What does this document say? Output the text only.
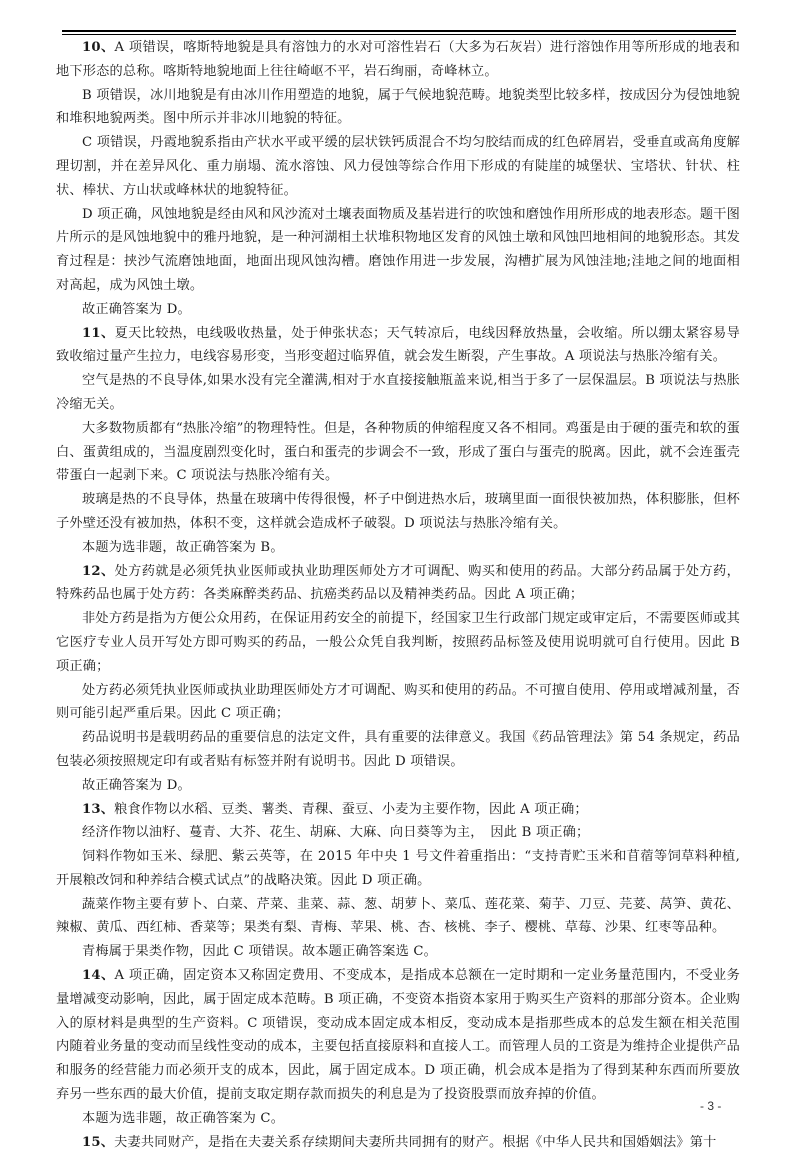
10、A 项错误，喀斯特地貌是具有溶蚀力的水对可溶性岩石（大多为石灰岩）进行溶蚀作用等所形成的地表和地下形态的总称。喀斯特地貌地面上往往崎岖不平，岩石绚丽，奇峰林立。

B 项错误，冰川地貌是有由冰川作用塑造的地貌，属于气候地貌范畴。地貌类型比较多样，按成因分为侵蚀地貌和堆积地貌两类。图中所示并非冰川地貌的特征。

C 项错误，丹霞地貌系指由产状水平或平缓的层状铁钙质混合不均匀胶结而成的红色碎屑岩，受垂直或高角度解理切割，并在差异风化、重力崩塌、流水溶蚀、风力侵蚀等综合作用下形成的有陡崖的城堡状、宝塔状、针状、柱状、棒状、方山状或峰林状的地貌特征。

D 项正确，风蚀地貌是经由风和风沙流对土壤表面物质及基岩进行的吹蚀和磨蚀作用所形成的地表形态。题干图片所示的是风蚀地貌中的雅丹地貌，是一种河湖相土状堆积物地区发育的风蚀土墩和风蚀凹地相间的地貌形态。其发育过程是：挟沙气流磨蚀地面，地面出现风蚀沟槽。磨蚀作用进一步发展，沟槽扩展为风蚀洼地;洼地之间的地面相对高起，成为风蚀土墩。

故正确答案为 D。

11、夏天比较热，电线吸收热量，处于伸张状态；天气转凉后，电线因释放热量，会收缩。所以绷太紧容易导致收缩过量产生拉力，电线容易形变，当形变超过临界值，就会发生断裂，产生事故。A 项说法与热胀冷缩有关。

空气是热的不良导体,如果水没有完全灌满,相对于水直接接触瓶盖来说,相当于多了一层保温层。B 项说法与热胀冷缩无关。

大多数物质都有“热胀冷缩”的物理特性。但是，各种物质的伸缩程度又各不相同。鸡蛋是由于硬的蛋壳和软的蛋白、蛋黄组成的，当温度剧烈变化时，蛋白和蛋壳的步调会不一致，形成了蛋白与蛋壳的脱离。因此，就不会连蛋壳带蛋白一起剥下来。C 项说法与热胀冷缩有关。

玻璃是热的不良导体，热量在玻璃中传得很慢，杯子中倒进热水后，玻璃里面一面很快被加热，体积膨胀，但杯子外壁还没有被加热，体积不变，这样就会造成杯子破裂。D 项说法与热胀冷缩有关。

本题为选非题，故正确答案为 B。

12、处方药就是必须凭执业医师或执业助理医师处方才可调配、购买和使用的药品。大部分药品属于处方药，特殊药品也属于处方药：各类麻醉类药品、抗癌类药品以及精神类药品。因此 A 项正确；

非处方药是指为方便公众用药，在保证用药安全的前提下，经国家卫生行政部门规定或审定后，不需要医师或其它医疗专业人员开写处方即可购买的药品，一般公众凭自我判断，按照药品标签及使用说明就可自行使用。因此 B 项正确；

处方药必须凭执业医师或执业助理医师处方才可调配、购买和使用的药品。不可擅自使用、停用或增减剂量，否则可能引起严重后果。因此 C 项正确；

药品说明书是载明药品的重要信息的法定文件，具有重要的法律意义。我国《药品管理法》第 54 条规定，药品包装必须按照规定印有或者贴有标签并附有说明书。因此 D 项错误。

故正确答案为 D。

13、粮食作物以水稻、豆类、薯类、青稞、蚕豆、小麦为主要作物，因此 A 项正确；

经济作物以油籽、蔓青、大芥、花生、胡麻、大麻、向日葵等为主，　因此 B 项正确；

饲料作物如玉米、绿肥、紫云英等，在 2015 年中央 1 号文件着重指出：“支持青贮玉米和苜蓿等饲草料种植,开展粮改饲和种养结合模式试点”的战略决策。因此 D 项正确。

蔬菜作物主要有萝卜、白菜、芹菜、韭菜、蒜、葱、胡萝卜、菜瓜、莲花菜、菊芋、刀豆、芫荽、莴笋、黄花、辣椒、黄瓜、西红柿、香菜等；果类有梨、青梅、苹果、桃、杏、核桃、李子、樱桃、草莓、沙果、红枣等品种。

青梅属于果类作物，因此 C 项错误。故本题正确答案选 C。

14、A 项正确，固定资本又称固定费用、不变成本，是指成本总额在一定时期和一定业务量范围内，不受业务量增减变动影响，因此，属于固定成本范畴。B 项正确，不变资本指资本家用于购买生产资料的那部分资本。企业购入的原材料是典型的生产资料。C 项错误，变动成本固定成本相反，变动成本是指那些成本的总发生额在相关范围内随着业务量的变动而呈线性变动的成本，主要包括直接原料和直接人工。而管理人员的工资是为维持企业提供产品和服务的经营能力而必须开支的成本，因此，属于固定成本。D 项正确，机会成本是指为了得到某种东西而所要放弃另一些东西的最大价值，提前支取定期存款而损失的利息是为了投资股票而放弃掉的价值。

本题为选非题，故正确答案为 C。

15、夫妻共同财产，是指在夫妻关系存续期间夫妻所共同拥有的财产。根据《中华人民共和国婚姻法》第十

- 3 -
